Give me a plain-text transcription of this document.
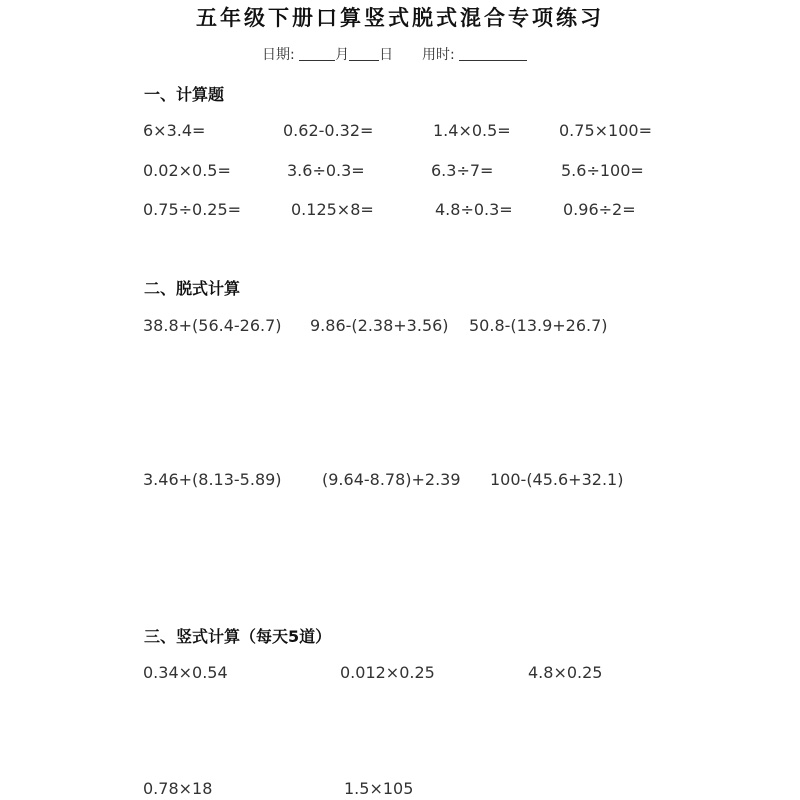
五年级下册口算竖式脱式混合专项练习
日期:	月 日 用时:
一、计算题
6×3.4=	0.62-0.32=	1.4×0.5=	0.75×100=
0.02×0.5=	3.6÷0.3=	6.3÷7=	5.6÷100=
0.75÷0.25=	0.125×8=	4.8÷0.3=	0.96÷2=
二、脱式计算
38.8+(56.4-26.7) 9.86-(2.38+3.56) 50.8-(13.9+26.7)
3.46+(8.13-5.89)	(9.64-8.78)+2.39 100-(45.6+32.1)
三、竖式计算（每天5道）
0.34×0.54	0.012×0.25	4.8×0.25
0.78×18	1.5×105
